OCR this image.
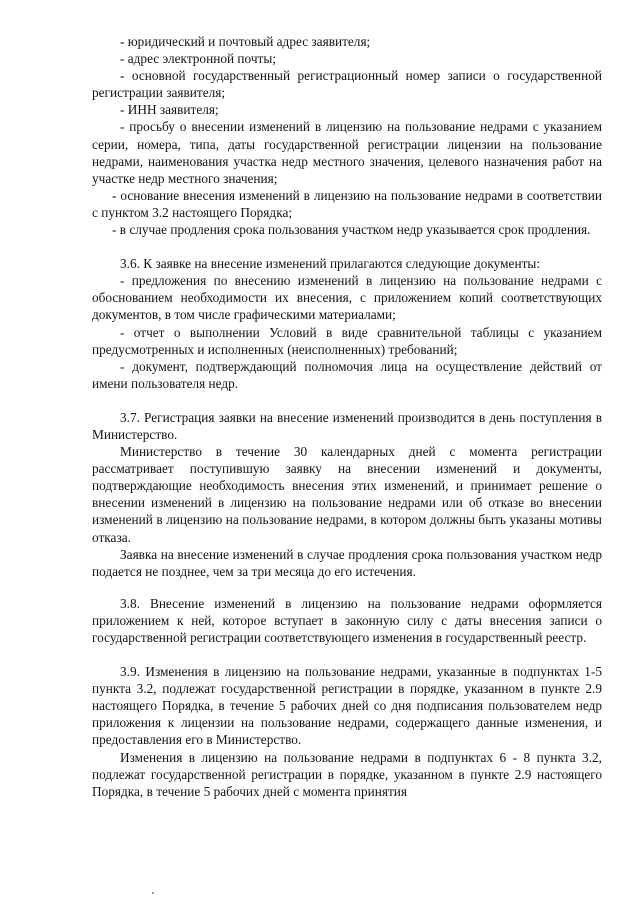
- юридический и почтовый адрес заявителя;

- адрес электронной почты;

- основной государственный регистрационный номер записи о государственной регистрации заявителя;

- ИНН заявителя;

- просьбу о внесении изменений в лицензию на пользование недрами с указанием серии, номера, типа, даты государственной регистрации лицензии на пользование недрами, наименования участка недр местного значения, целевого назначения работ на участке недр местного значения;

- основание внесения изменений в лицензию на пользование недрами в соответствии с пунктом 3.2 настоящего Порядка;

- в случае продления срока пользования участком недр указывается срок продления.

3.6. К заявке на внесение изменений прилагаются следующие документы:

- предложения по внесению изменений в лицензию на пользование недрами с обоснованием необходимости их внесения, с приложением копий соответствующих документов, в том числе графическими материалами;

- отчет о выполнении Условий в виде сравнительной таблицы с указанием предусмотренных и исполненных (неисполненных) требований;

- документ, подтверждающий полномочия лица на осуществление действий от имени пользователя недр.

3.7. Регистрация заявки на внесение изменений производится в день поступления в Министерство.

Министерство в течение 30 календарных дней с момента регистрации рассматривает поступившую заявку на внесении изменений и документы, подтверждающие необходимость внесения этих изменений, и принимает решение о внесении изменений в лицензию на пользование недрами или об отказе во внесении изменений в лицензию на пользование недрами, в котором должны быть указаны мотивы отказа.

Заявка на внесение изменений в случае продления срока пользования участком недр подается не позднее, чем за три месяца до его истечения.

3.8. Внесение изменений в лицензию на пользование недрами оформляется приложением к ней, которое вступает в законную силу с даты внесения записи о государственной регистрации соответствующего изменения в государственный реестр.

3.9. Изменения в лицензию на пользование недрами, указанные в подпунктах 1-5 пункта 3.2, подлежат государственной регистрации в порядке, указанном в пункте 2.9 настоящего Порядка, в течение 5 рабочих дней со дня подписания пользователем недр приложения к лицензии на пользование недрами, содержащего данные изменения, и предоставления его в Министерство.

Изменения в лицензию на пользование недрами в подпунктах 6 - 8 пункта 3.2, подлежат государственной регистрации в порядке, указанном в пункте 2.9 настоящего Порядка, в течение 5 рабочих дней с момента принятия
